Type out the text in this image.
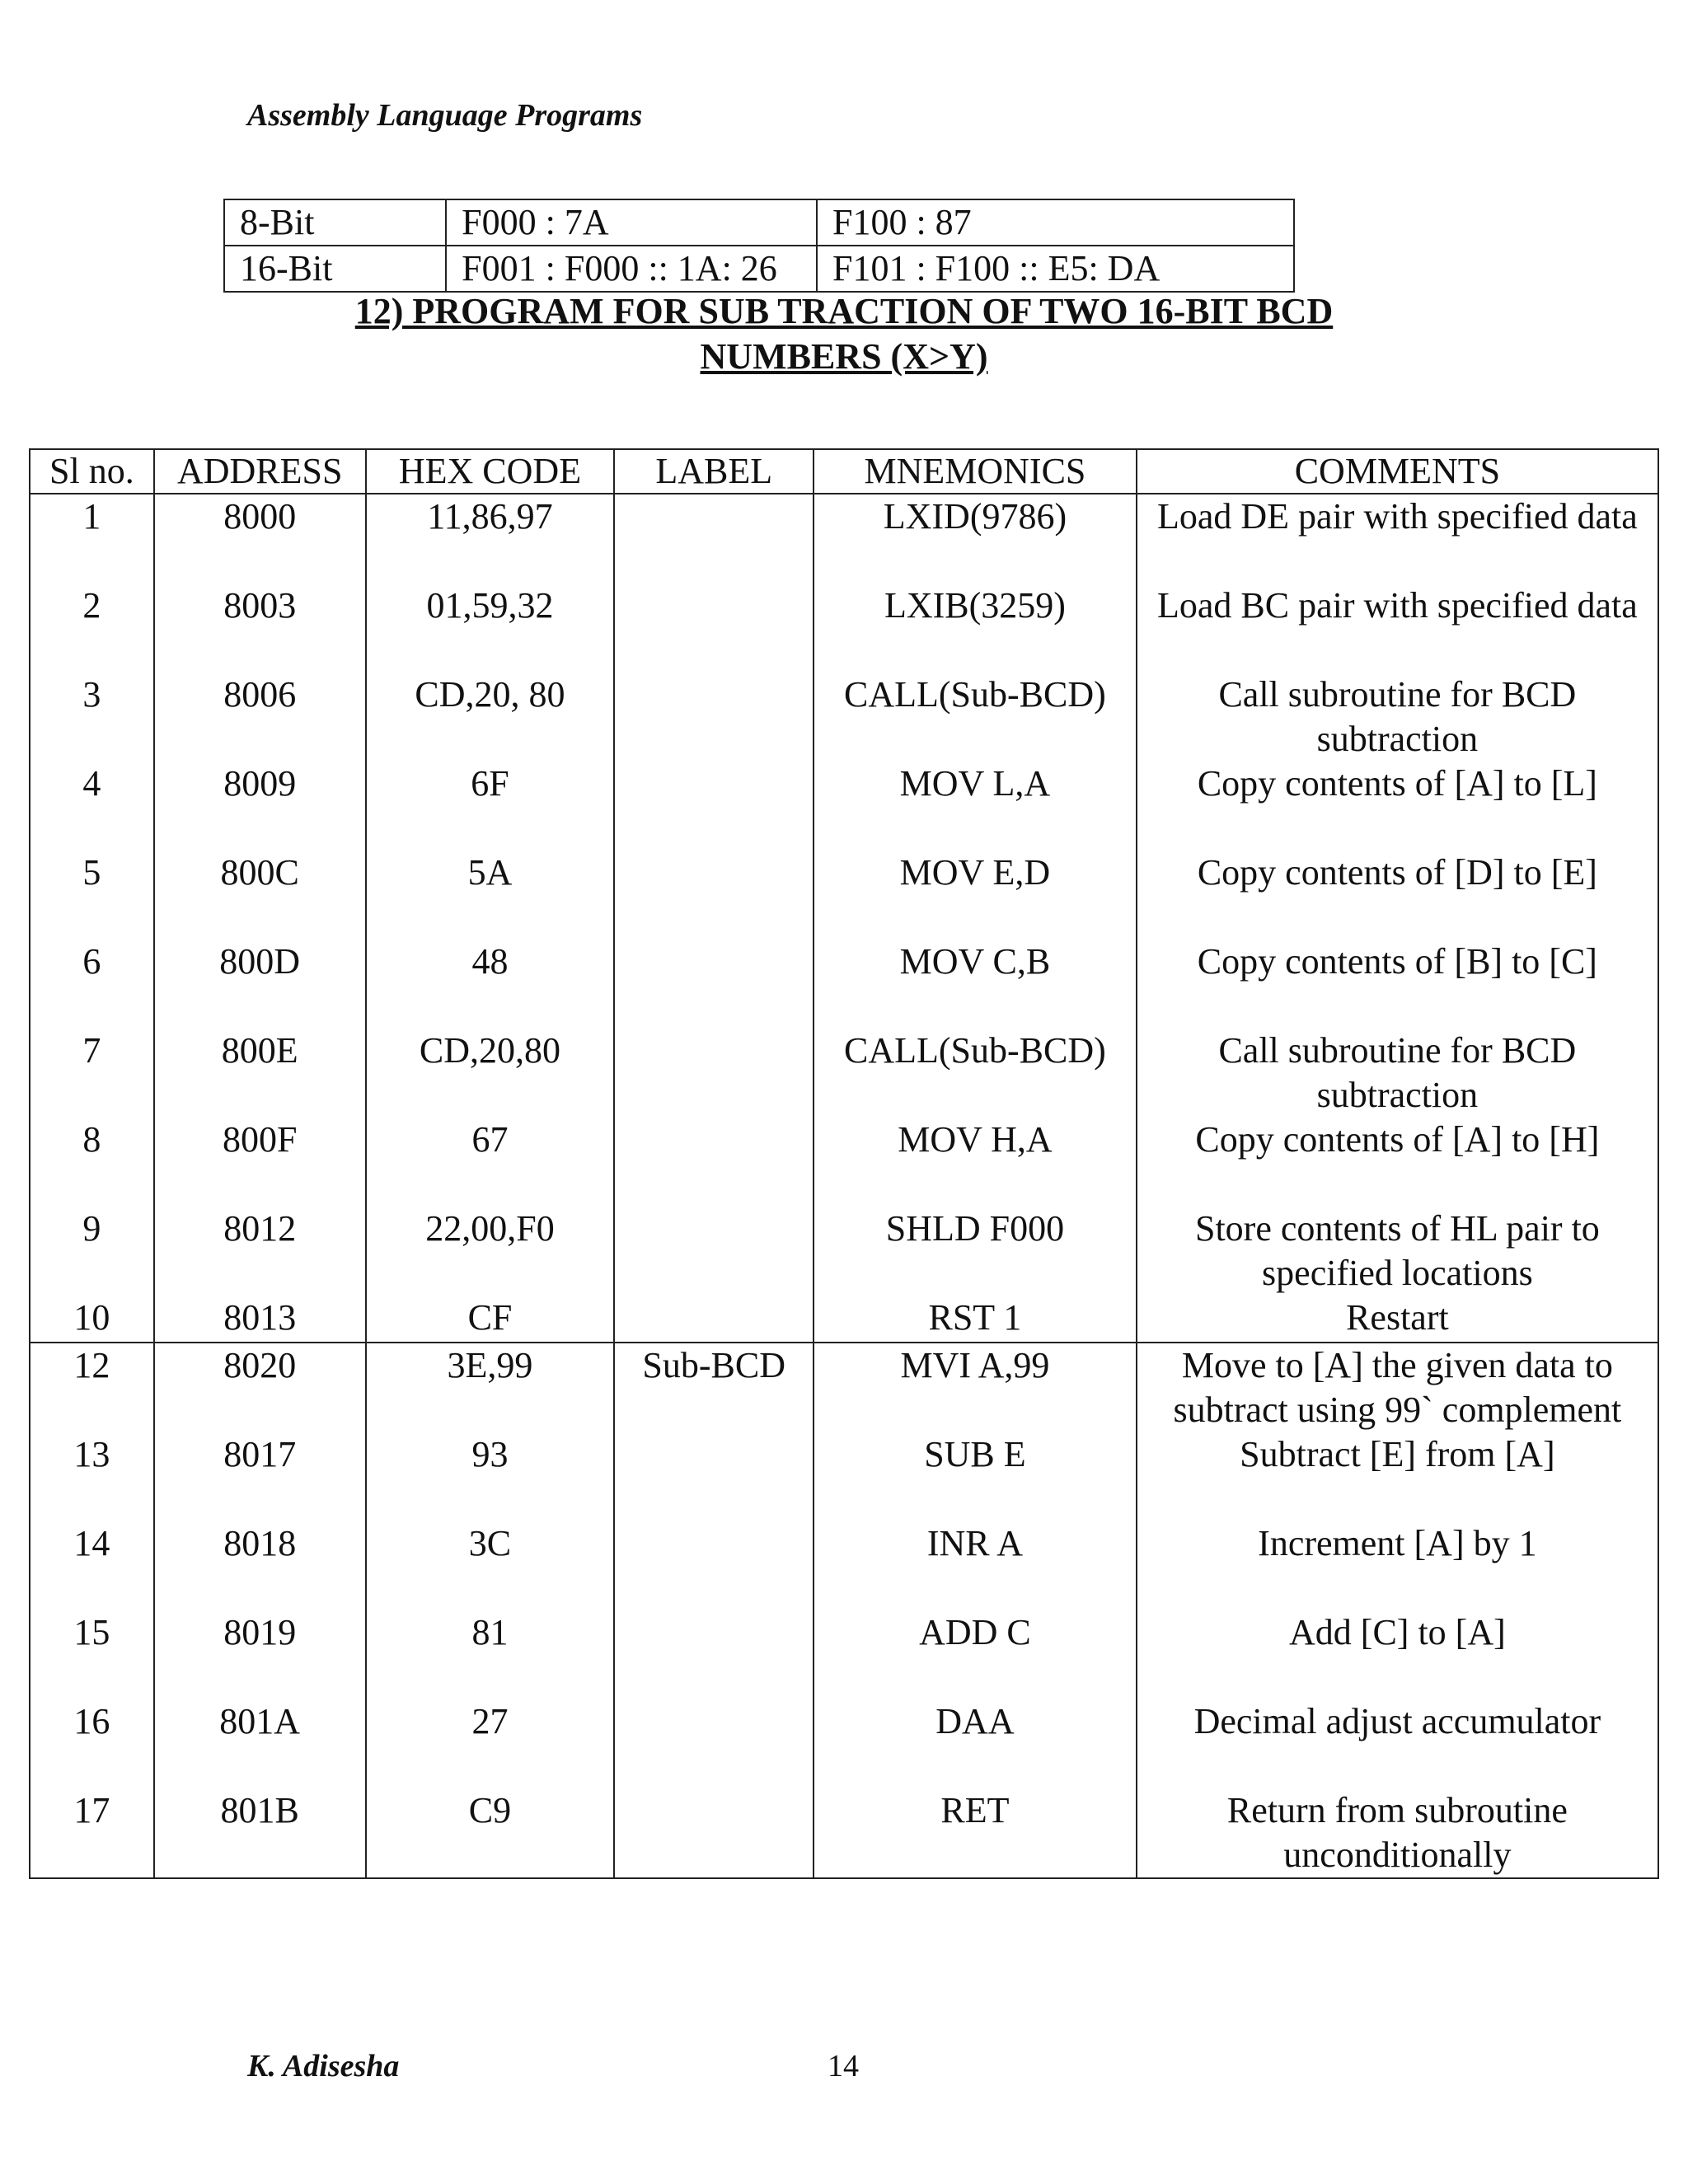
Assembly Language Programs
8-Bit	F000 : 7A	F100 : 87
16-Bit	F001 : F000 :: 1A: 26	F101 : F100 :: E5: DA
12) PROGRAM FOR SUB TRACTION OF TWO 16-BIT BCD
NUMBERS (X>Y)
Sl no.	ADDRESS	HEX CODE	LABEL	MNEMONICS	COMMENTS
1	8000	11,86,97		LXID(9786)	Load DE pair with specified data
2	8003	01,59,32		LXIB(3259)	Load BC pair with specified data
3	8006	CD,20, 80		CALL(Sub-BCD)	Call subroutine for BCD subtraction
4	8009	6F		MOV L,A	Copy contents of [A] to [L]
5	800C	5A		MOV E,D	Copy contents of [D] to [E]
6	800D	48		MOV C,B	Copy contents of [B] to [C]
7	800E	CD,20,80		CALL(Sub-BCD)	Call subroutine for BCD subtraction
8	800F	67		MOV H,A	Copy contents of [A] to [H]
9	8012	22,00,F0		SHLD F000	Store contents of HL pair to specified locations
10	8013	CF		RST 1	Restart
12	8020	3E,99	Sub-BCD	MVI A,99	Move to [A] the given data to subtract using 99` complement
13	8017	93		SUB E	Subtract [E] from [A]
14	8018	3C		INR A	Increment [A] by 1
15	8019	81		ADD C	Add [C] to [A]
16	801A	27		DAA	Decimal adjust accumulator
17	801B	C9		RET	Return from subroutine unconditionally
K. Adisesha	14
